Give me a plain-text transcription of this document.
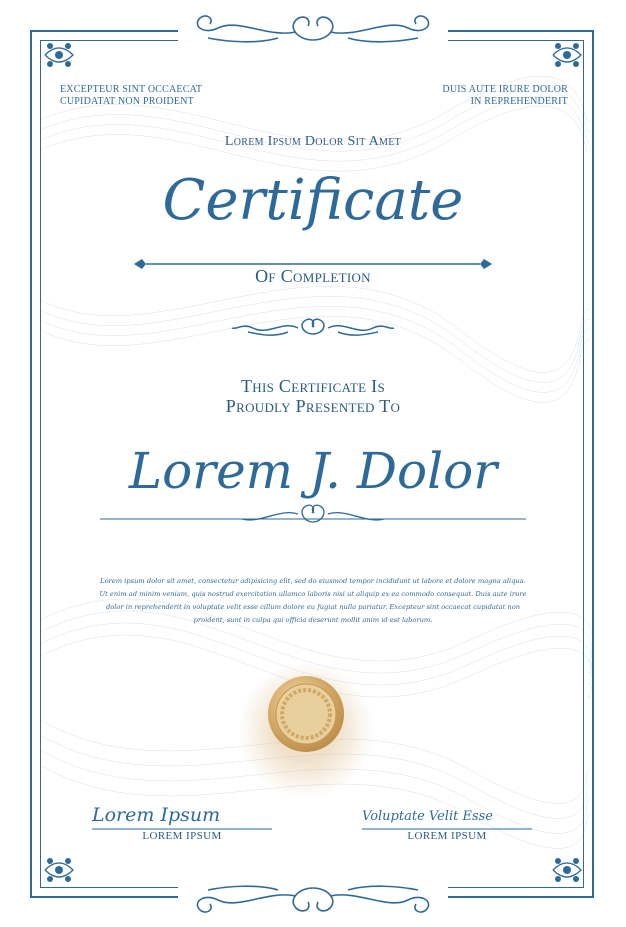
EXCEPTEUR SINT OCCAECAT
CUPIDATAT NON PROIDENT
DUIS AUTE IRURE DOLOR
IN REPREHENDERIT
Lorem Ipsum Dolor Sit Amet
Certificate
Of Completion
This Certificate Is
Proudly Presented To
Lorem J. Dolor
Lorem ipsum dolor sit amet, consectetur adipisicing elit, sed do eiusmod tempor incididunt ut labore et dolore magna aliqua. Ut enim ad minim veniam, quis nostrud exercitation ullamco laboris nisi ut aliquip ex ea commodo consequat. Duis aute irure dolor in reprehenderit in voluptate velit esse cillum dolore eu fugiat nulla pariatur. Excepteur sint occaecat cupidatat non proident, sunt in culpa qui officia deserunt mollit anim id est laborum.
Lorem Ipsum
LOREM IPSUM
Voluptate Velit Esse
LOREM IPSUM
